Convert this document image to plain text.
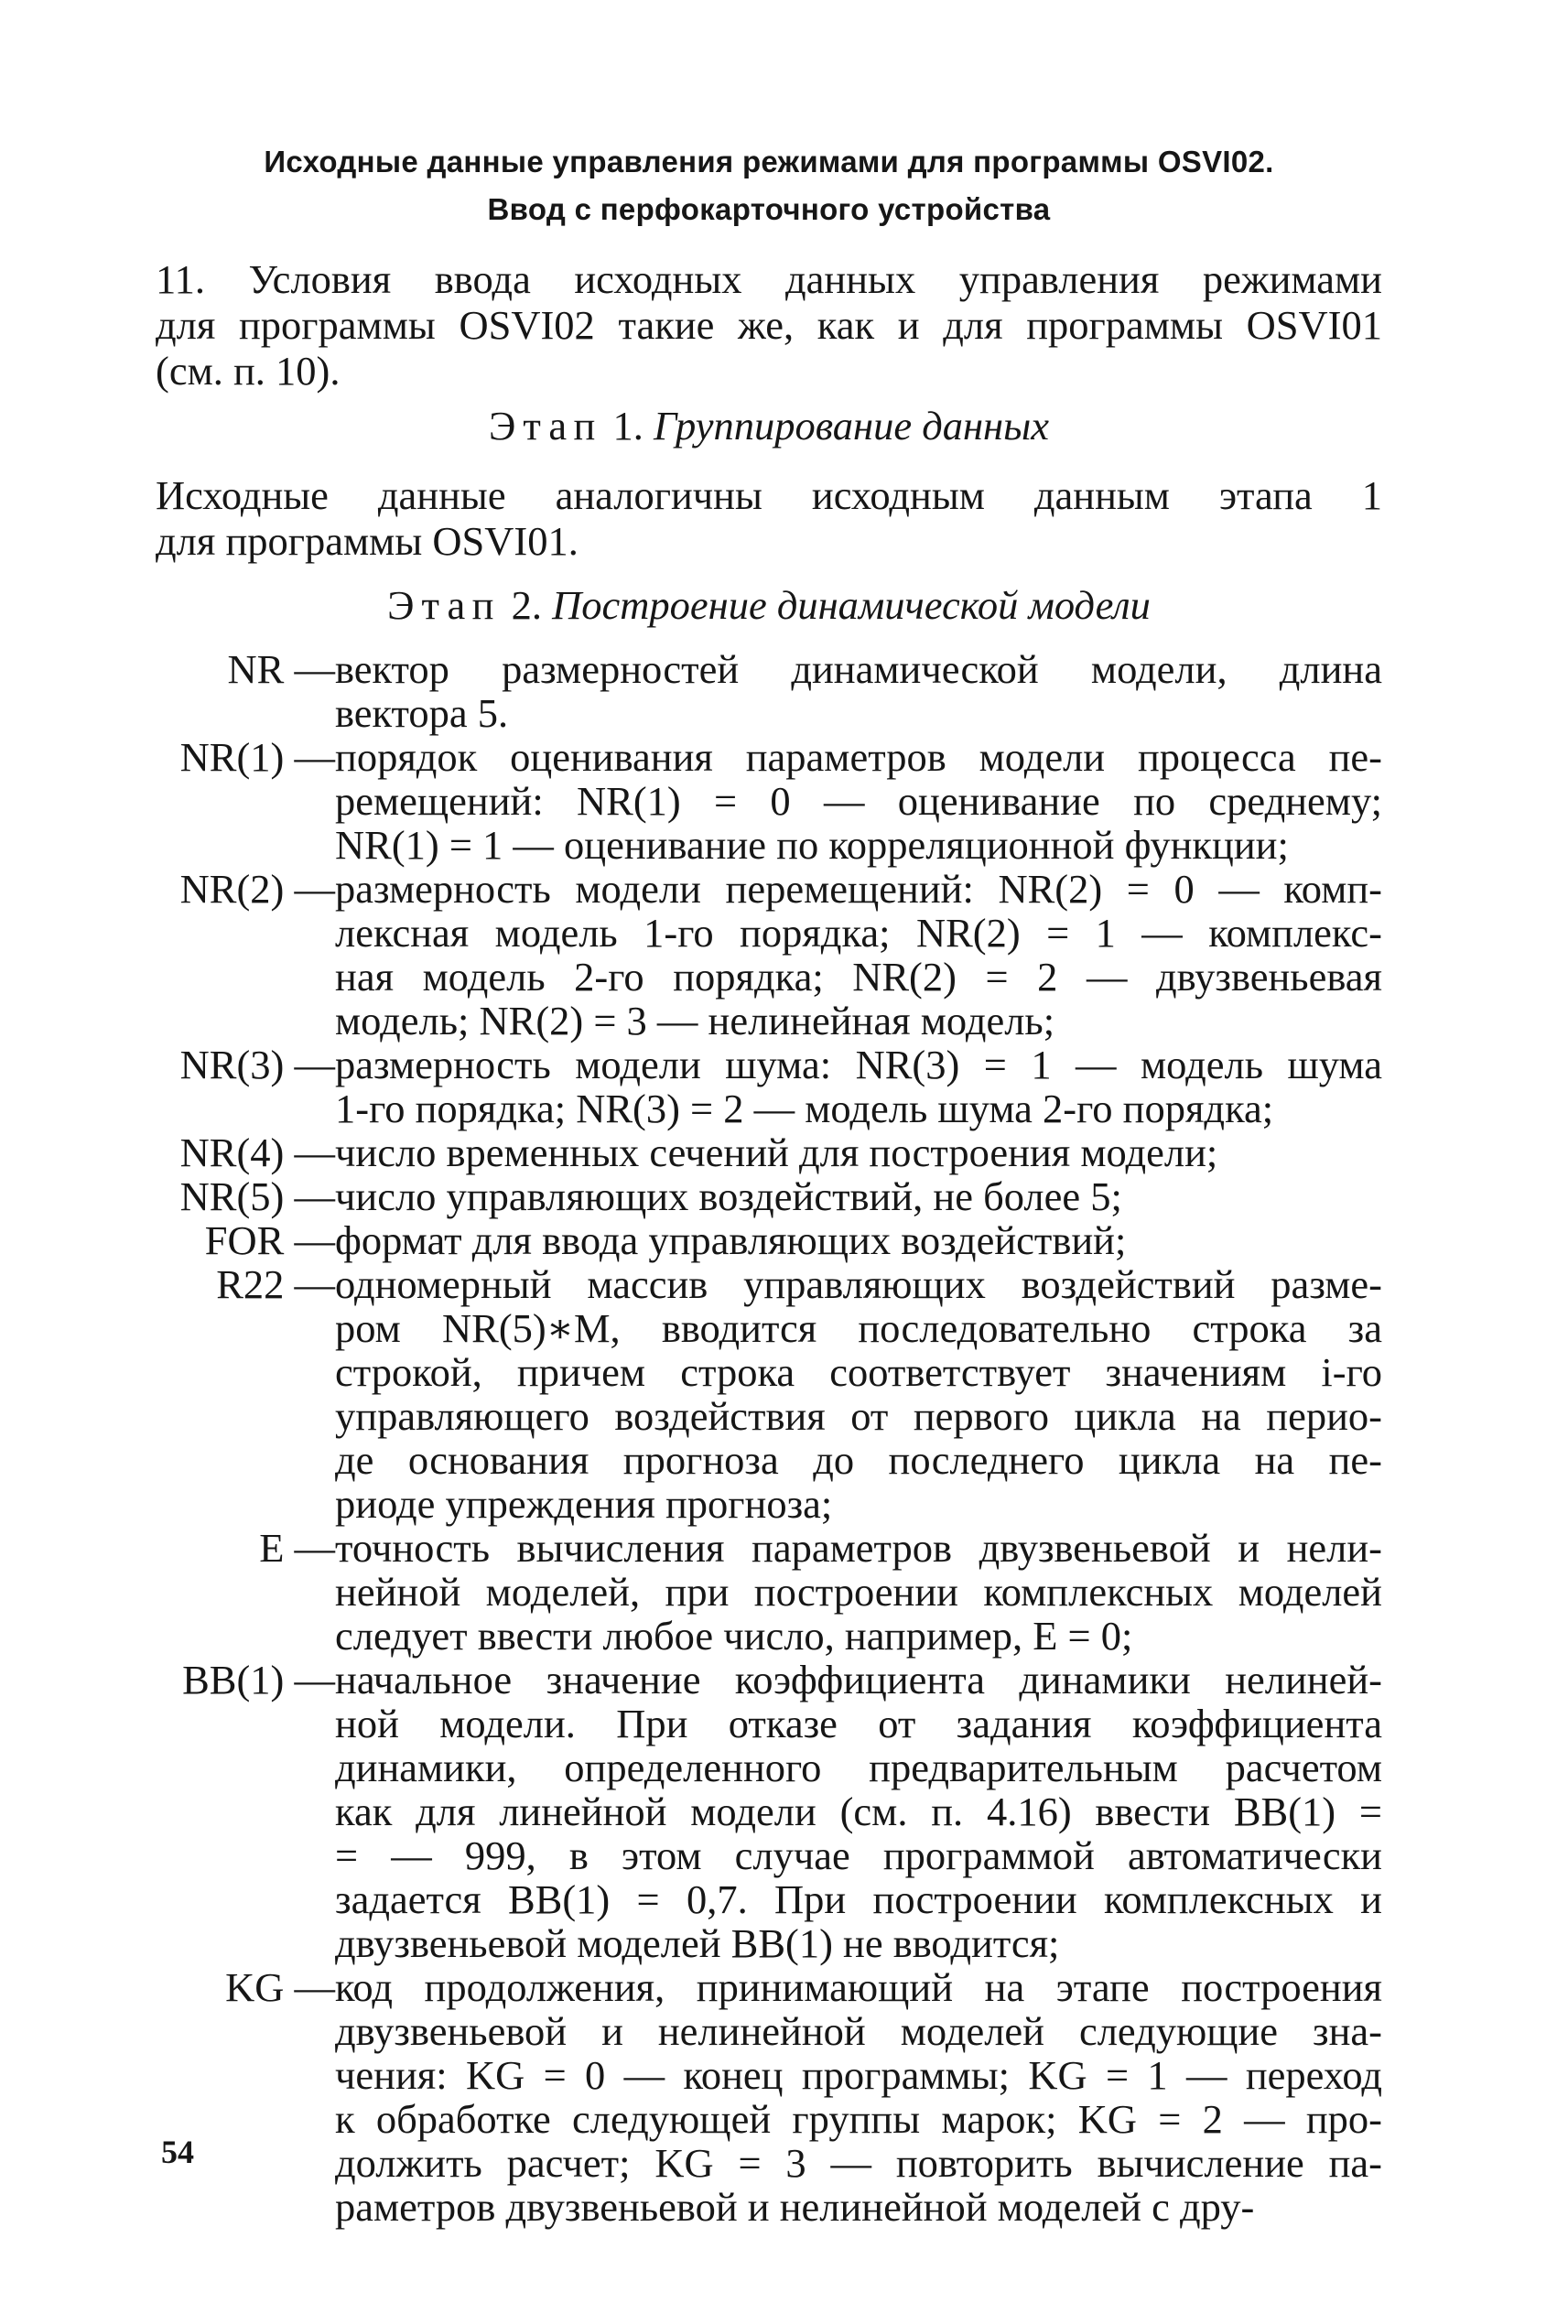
Исходные данные управления режимами для программы OSVI02.
Ввод с перфокарточного устройства
11. Условия ввода исходных данных управления режимами
для программы OSVI02 такие же, как и для программы OSVI01
(см. п. 10).
Этап 1. Группирование данных
Исходные данные аналогичны исходным данным этапа 1
для программы OSVI01.
Этап 2. Построение динамической модели
NR — вектор размерностей динамической модели, длина
вектора 5.
NR(1) — порядок оценивания параметров модели процесса пе-
ремещений: NR(1) = 0 — оценивание по среднему;
NR(1) = 1 — оценивание по корреляционной функции;
NR(2) — размерность модели перемещений: NR(2) = 0 — комп-
лексная модель 1-го порядка; NR(2) = 1 — комплекс-
ная модель 2-го порядка; NR(2) = 2 — двузвеньевая
модель; NR(2) = 3 — нелинейная модель;
NR(3) — размерность модели шума: NR(3) = 1 — модель шума
1-го порядка; NR(3) = 2 — модель шума 2-го порядка;
NR(4) — число временных сечений для построения модели;
NR(5) — число управляющих воздействий, не более 5;
FOR — формат для ввода управляющих воздействий;
R22 — одномерный массив управляющих воздействий разме-
ром NR(5)∗M, вводится последовательно строка за
строкой, причем строка соответствует значениям i-го
управляющего воздействия от первого цикла на перио-
де основания прогноза до последнего цикла на пе-
риоде упреждения прогноза;
E — точность вычисления параметров двузвеньевой и нели-
нейной моделей, при построении комплексных моделей
следует ввести любое число, например, E = 0;
BB(1) — начальное значение коэффициента динамики нелиней-
ной модели. При отказе от задания коэффициента
динамики, определенного предварительным расчетом
как для линейной модели (см. п. 4.16) ввести BB(1) =
= — 999, в этом случае программой автоматически
задается BB(1) = 0,7. При построении комплексных и
двузвеньевой моделей BB(1) не вводится;
KG — код продолжения, принимающий на этапе построения
двузвеньевой и нелинейной моделей следующие зна-
чения: KG = 0 — конец программы; KG = 1 — переход
к обработке следующей группы марок; KG = 2 — про-
должить расчет; KG = 3 — повторить вычисление па-
раметров двузвеньевой и нелинейной моделей с дру-
54
